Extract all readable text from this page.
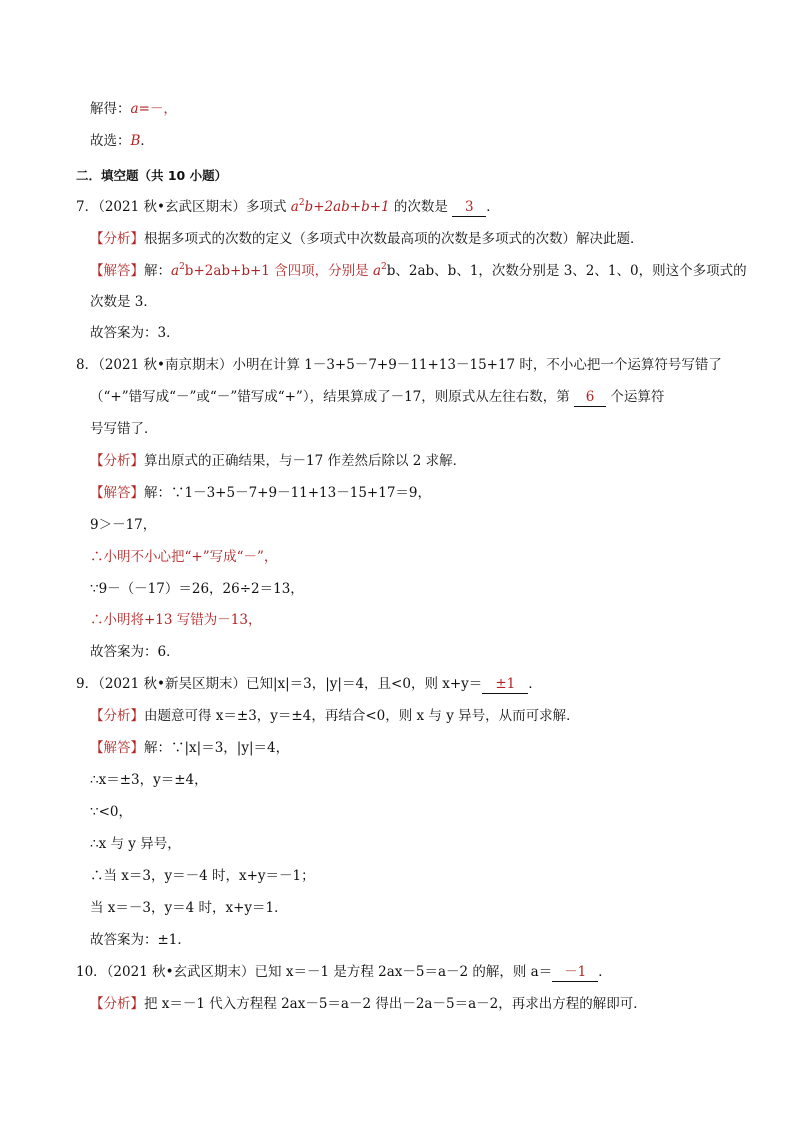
解得：a=－，
故选：B．
二．填空题（共 10 小题）
7．（2021 秋•玄武区期末）多项式 $a^2b+2ab+b+1$ 的次数是 3 ．
【分析】根据多项式的次数的定义（多项式中次数最高项的次数是多项式的次数）解决此题．
【解答】解：$a^2b+2ab+b+1$ 含四项，分别是 $a^2b$、2ab、b、1，次数分别是 3、2、1、0，则这个多项式的
次数是 3．
故答案为：3．
8．（2021 秋•南京期末）小明在计算 1－3+5－7+9－11+13－15+17 时，不小心把一个运算符号写错了
（“+”错写成“－”或“－”错写成“+”），结果算成了－17，则原式从左往右数，第 6 个运算符
号写错了．
【分析】算出原式的正确结果，与－17 作差然后除以 2 求解．
【解答】解：∵1－3+5－7+9－11+13－15+17＝9，
9＞－17，
∴小明不小心把“+”写成“－”，
∵9－（－17）＝26，26÷2＝13，
∴小明将+13 写错为－13，
故答案为：6．
9．（2021 秋•新吴区期末）已知|x|＝3，|y|＝4，且<0，则 x+y＝ ±1 ．
【分析】由题意可得 x＝±3，y＝±4，再结合<0，则 x 与 y 异号，从而可求解．
【解答】解：∵|x|＝3，|y|＝4，
∴x＝±3，y＝±4，
∵<0，
∴x 与 y 异号，
∴当 x＝3，y＝－4 时，x+y＝－1；
当 x＝－3，y＝4 时，x+y＝1．
故答案为：±1．
10．（2021 秋•玄武区期末）已知 x＝－1 是方程 2ax－5＝a－2 的解，则 a＝ －1 ．
【分析】把 x＝－1 代入方程程 2ax－5＝a－2 得出－2a－5＝a－2，再求出方程的解即可．
